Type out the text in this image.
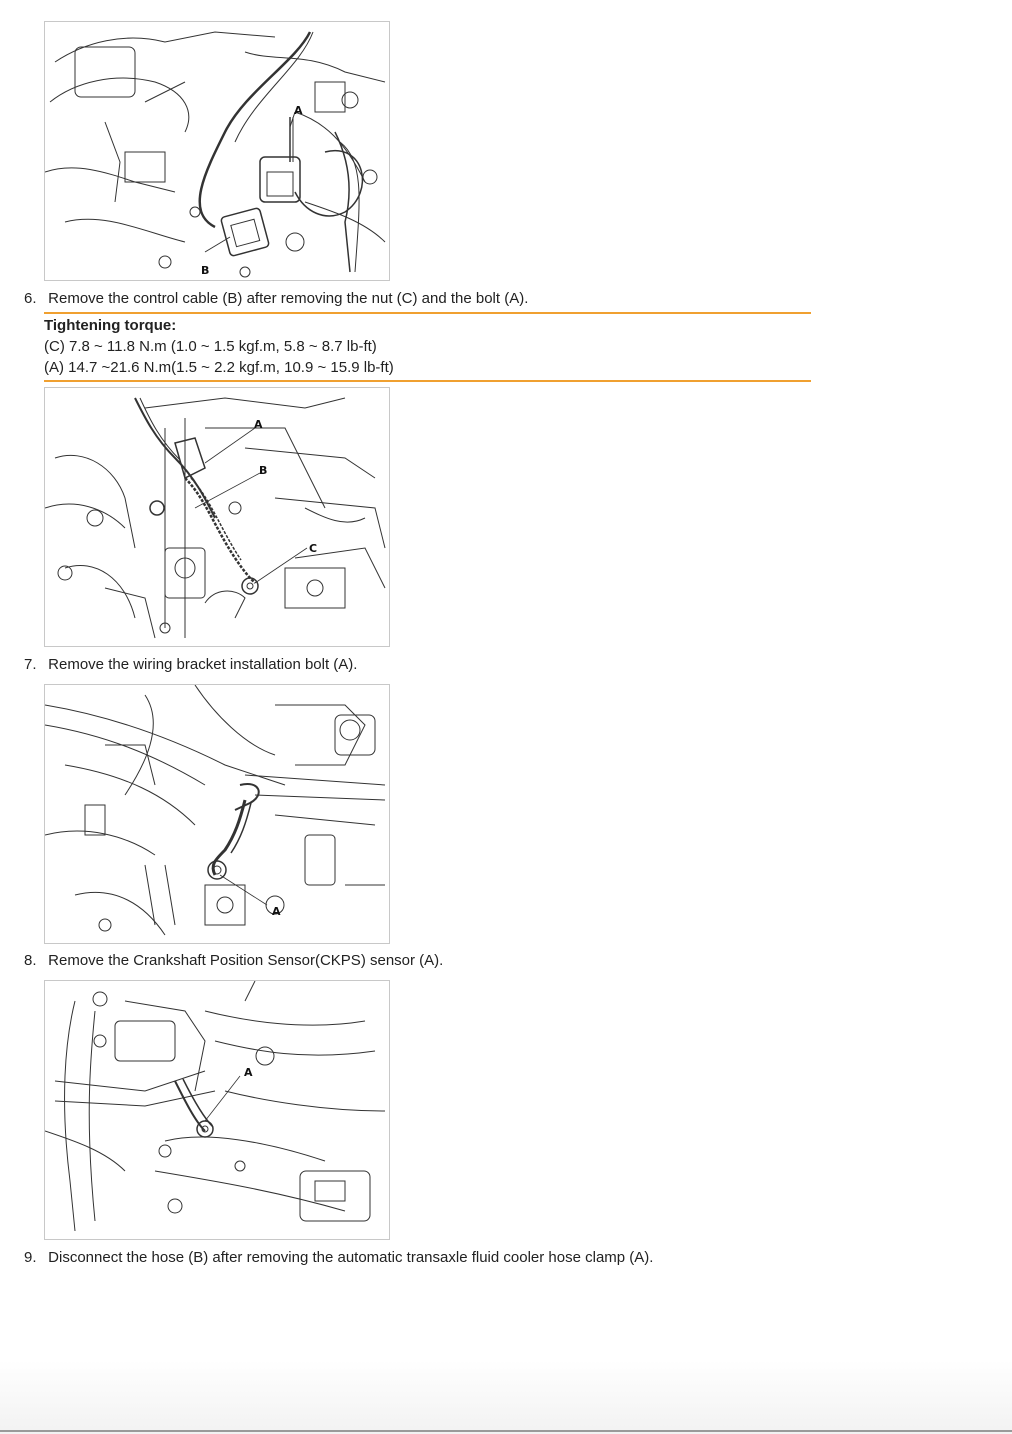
A
B
6. Remove the control cable (B) after removing the nut (C) and the bolt (A).
Tightening torque:
(C) 7.8 ~ 11.8 N.m (1.0 ~ 1.5 kgf.m, 5.8 ~ 8.7 lb-ft)
(A) 14.7 ~21.6 N.m(1.5 ~ 2.2 kgf.m, 10.9 ~ 15.9 lb-ft)
A
B
C
7. Remove the wiring bracket installation bolt (A).
A
8. Remove the Crankshaft Position Sensor(CKPS) sensor (A).
A
9. Disconnect the hose (B) after removing the automatic transaxle fluid cooler hose clamp (A).
